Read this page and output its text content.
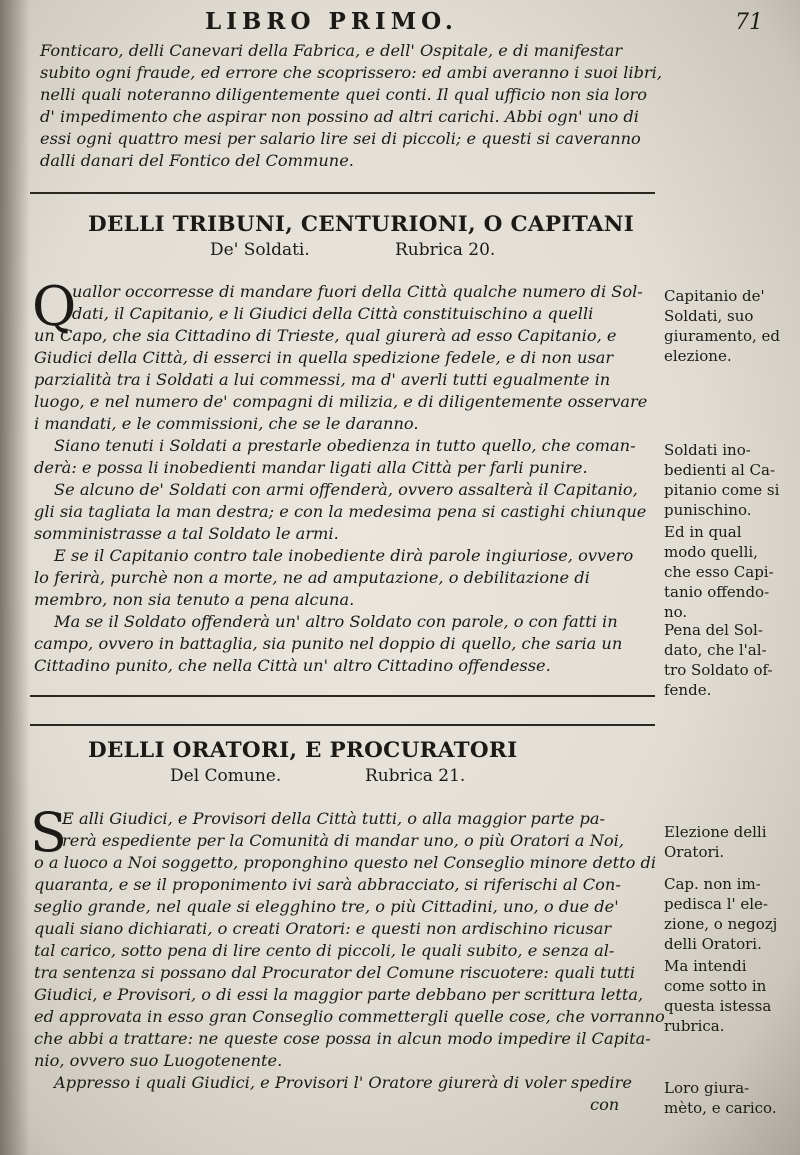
LIBRO PRIMO.	71
Fonticaro, delli Canevari della Fabrica, e dell' Ospitale, e di manifestar
subito ogni fraude, ed errore che scoprissero: ed ambi averanno i suoi libri,
nelli quali noteranno diligentemente quei conti. Il qual ufficio non sia loro
d' impedimento che aspirar non possino ad altri carichi. Abbi ogn' uno di
essi ogni quattro mesi per salario lire sei di piccoli; e questi si caveranno
dalli danari del Fontico del Commune.
DELLI TRIBUNI, CENTURIONI, O CAPITANI
De' Soldati.	Rubrica 20.
Q
uallor occorresse di mandare fuori della Città qualche numero di Sol-
dati, il Capitanio, e li Giudici della Città constituischino a quelli
un Capo, che sia Cittadino di Trieste, qual giurerà ad esso Capitanio, e
Giudici della Città, di esserci in quella spedizione fedele, e di non usar
parzialità tra i Soldati a lui commessi, ma d' averli tutti egualmente in
luogo, e nel numero de' compagni di milizia, e di diligentemente osservare
i mandati, e le commissioni, che se le daranno.
Siano tenuti i Soldati a prestarle obedienza in tutto quello, che coman-
derà: e possa li inobedienti mandar ligati alla Città per farli punire.
Se alcuno de' Soldati con armi offenderà, ovvero assalterà il Capitanio,
gli sia tagliata la man destra; e con la medesima pena si castighi chiunque
somministrasse a tal Soldato le armi.
E se il Capitanio contro tale inobediente dirà parole ingiuriose, ovvero
lo ferirà, purchè non a morte, ne ad amputazione, o debilitazione di
membro, non sia tenuto a pena alcuna.
Ma se il Soldato offenderà un' altro Soldato con parole, o con fatti in
campo, ovvero in battaglia, sia punito nel doppio di quello, che saria un
Cittadino punito, che nella Città un' altro Cittadino offendesse.
Capitanio de'
Soldati, suo
giuramento, ed
elezione.
Soldati ino-
bedienti al Ca-
pitanio come si
punischino.
Ed in qual
modo quelli,
che esso Capi-
tanio offendo-
no.
Pena del Sol-
dato, che l'al-
tro Soldato of-
fende.
DELLI ORATORI, E PROCURATORI
Del Comune.	Rubrica 21.
S
E alli Giudici, e Provisori della Città tutti, o alla maggior parte pa-
rerà espediente per la Comunità di mandar uno, o più Oratori a Noi,
o a luoco a Noi soggetto, proponghino questo nel Conseglio minore detto di
quaranta, e se il proponimento ivi sarà abbracciato, si riferischi al Con-
seglio grande, nel quale si elegghino tre, o più Cittadini, uno, o due de'
quali siano dichiarati, o creati Oratori: e questi non ardischino ricusar
tal carico, sotto pena di lire cento di piccoli, le quali subito, e senza al-
tra sentenza si possano dal Procurator del Comune riscuotere: quali tutti
Giudici, e Provisori, o di essi la maggior parte debbano per scrittura letta,
ed approvata in esso gran Conseglio commettergli quelle cose, che vorranno
che abbi a trattare: ne queste cose possa in alcun modo impedire il Capita-
nio, ovvero suo Luogotenente.
Appresso i quali Giudici, e Provisori l' Oratore giurerà di voler spedire
con
Elezione delli
Oratori.
Cap. non im-
pedisca l' ele-
zione, o negozj
delli Oratori.
Ma intendi
come sotto in
questa istessa
rubrica.
Loro giura-
mèto, e carico.
